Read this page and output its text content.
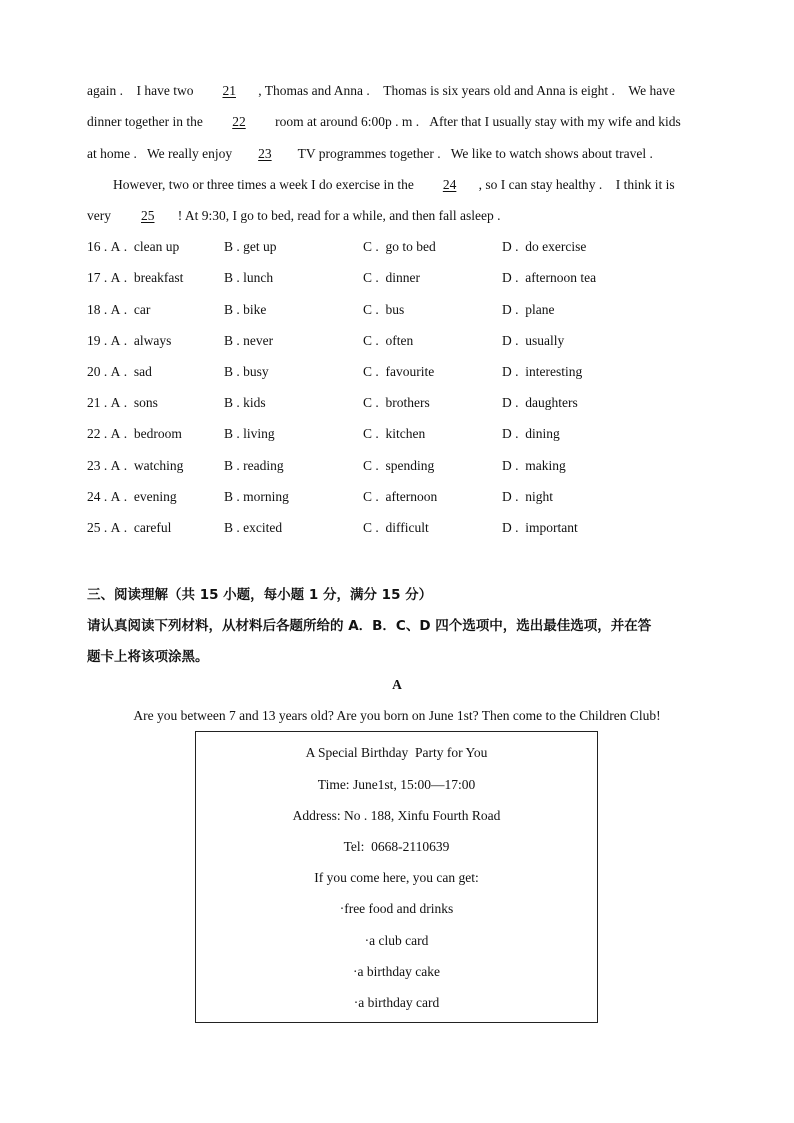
again .    I have two  21 , Thomas and Anna .    Thomas is six years old and Anna is eight .    We have
dinner together in the   22   room at around 6:00p . m .   After that I usually stay with my wife and kids
at home .   We really enjoy  23  TV programmes together .   We like to watch shows about travel .
However, two or three times a week I do exercise in the  24 , so I can stay healthy .    I think it is
very  25 ! At 9:30, I go to bed, read for a while, and then fall asleep .
16 . A .  clean up	B . get up	C .  go to bed	D .  do exercise
17 . A .  breakfast	B . lunch	C .  dinner	D .  afternoon tea
18 . A .  car	B . bike	C .  bus	D .  plane
19 . A .  always	B . never	C .  often	D .  usually
20 . A .  sad	B . busy	C .  favourite	D .  interesting
21 . A .  sons	B . kids	C .  brothers	D .  daughters
22 . A .  bedroom	B . living	C .  kitchen	D .  dining
23 . A .  watching	B . reading	C .  spending	D .  making
24 . A .  evening	B . morning	C .  afternoon	D .  night
25 . A .  careful	B . excited	C .  difficult	D .  important
三、阅读理解（共 15 小题，每小题 1 分，满分 15 分）
请认真阅读下列材料，从材料后各题所给的 A．B．C、D 四个选项中，选出最佳选项，并在答
题卡上将该项涂黑。
A
Are you between 7 and 13 years old? Are you born on June 1st? Then come to the Children Club!
A Special Birthday  Party for You
Time: June1st, 15:00—17:00
Address: No . 188, Xinfu Fourth Road
Tel:  0668-2110639
If you come here, you can get:
·free food and drinks
·a club card
·a birthday cake
·a birthday card
